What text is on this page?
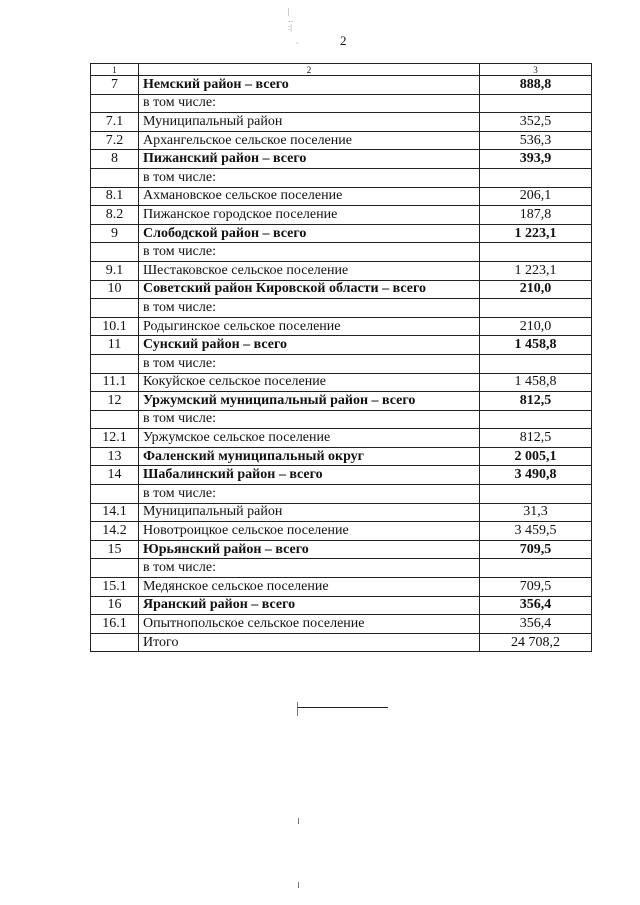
|
‥
:|
¨	2
1	2	3
7	Немский район – всего	888,8
	в том числе:	
7.1	Муниципальный район	352,5
7.2	Архангельское сельское поселение	536,3
8	Пижанский район – всего	393,9
	в том числе:	
8.1	Ахмановское сельское поселение	206,1
8.2	Пижанское городское поселение	187,8
9	Слободской район – всего	1 223,1
	в том числе:	
9.1	Шестаковское сельское поселение	1 223,1
10	Советский район Кировской области – всего	210,0
	в том числе:	
10.1	Родыгинское сельское поселение	210,0
11	Сунский район – всего	1 458,8
	в том числе:	
11.1	Кокуйское сельское поселение	1 458,8
12	Уржумский муниципальный район – всего	812,5
	в том числе:	
12.1	Уржумское сельское поселение	812,5
13	Фаленский муниципальный округ	2 005,1
14	Шабалинский район – всего	3 490,8
	в том числе:	
14.1	Муниципальный район	31,3
14.2	Новотроицкое сельское поселение	3 459,5
15	Юрьянский район – всего	709,5
	в том числе:	
15.1	Медянское сельское поселение	709,5
16	Яранский район – всего	356,4
16.1	Опытнопольское сельское поселение	356,4
	Итого	24 708,2
